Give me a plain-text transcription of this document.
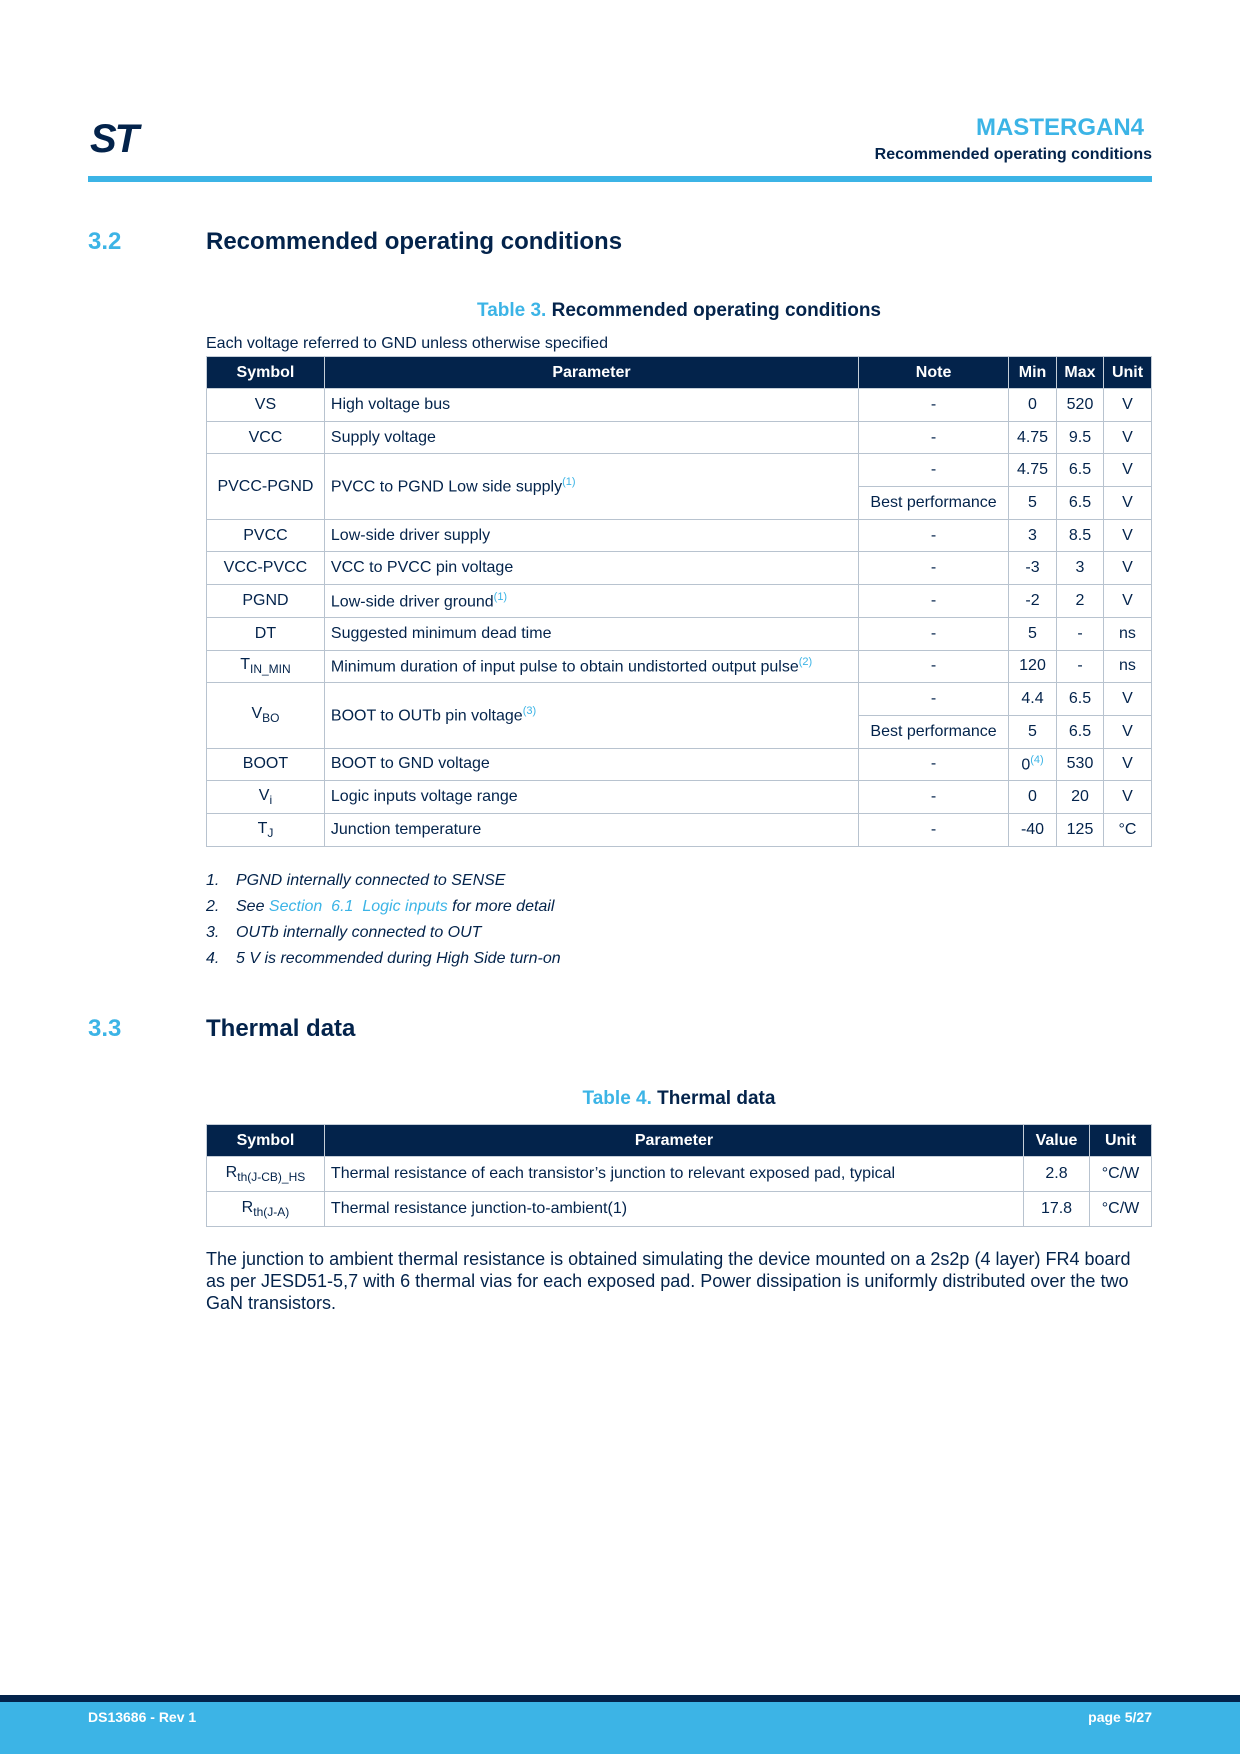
ST	MASTERGAN4
Recommended operating conditions
3.2	Recommended operating conditions
Table 3. Recommended operating conditions
Each voltage referred to GND unless otherwise specified
Symbol	Parameter	Note	Min	Max	Unit
VS	High voltage bus	-	0	520	V
VCC	Supply voltage	-	4.75	9.5	V
PVCC-PGND	PVCC to PGND Low side supply$^{(1)}$	-	4.75	6.5	V
		Best performance	5	6.5	V
PVCC	Low-side driver supply	-	3	8.5	V
VCC-PVCC	VCC to PVCC pin voltage	-	-3	3	V
PGND	Low-side driver ground$^{(1)}$	-	-2	2	V
DT	Suggested minimum dead time	-	5	-	ns
$T_{IN\_MIN}$	Minimum duration of input pulse to obtain undistorted output pulse$^{(2)}$	-	120	-	ns
$V_{BO}$	BOOT to OUTb pin voltage$^{(3)}$	-	4.4	6.5	V
		Best performance	5	6.5	V
BOOT	BOOT to GND voltage	-	0$^{(4)}$	530	V
$V_i$	Logic inputs voltage range	-	0	20	V
$T_J$	Junction temperature	-	-40	125	°C
1. PGND internally connected to SENSE
2. See Section  6.1  Logic inputs for more detail
3. OUTb internally connected to OUT
4. 5 V is recommended during High Side turn-on
3.3	Thermal data
Table 4. Thermal data
Symbol	Parameter	Value	Unit
$R_{th(J-CB)\_HS}$	Thermal resistance of each transistor’s junction to relevant exposed pad, typical	2.8	°C/W
$R_{th(J-A)}$	Thermal resistance junction-to-ambient(1)	17.8	°C/W
The junction to ambient thermal resistance is obtained simulating the device mounted on a 2s2p (4 layer) FR4 board as per JESD51-5,7 with 6 thermal vias for each exposed pad. Power dissipation is uniformly distributed over the two GaN transistors.
DS13686 - Rev 1	page 5/27
